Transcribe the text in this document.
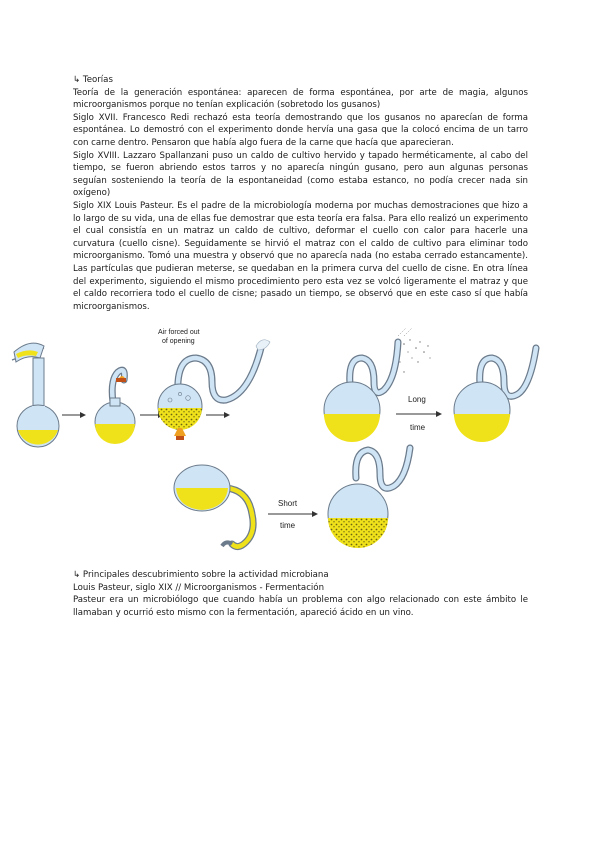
↳ Teorías

Teoría de la generación espontánea: aparecen de forma espontánea, por arte de magia, algunos microorganismos porque no tenían explicación (sobretodo los gusanos)

Siglo XVII. Francesco Redi rechazó esta teoría demostrando que los gusanos no aparecían de forma espontánea. Lo demostró con el experimento donde hervía una gasa que la colocó encima de un tarro con carne dentro. Pensaron que había algo fuera de la carne que hacía que aparecieran.

Siglo XVIII. Lazzaro Spallanzani puso un caldo de cultivo hervido y tapado herméticamente, al cabo del tiempo, se fueron abriendo estos tarros y no aparecía ningún gusano, pero aun algunas personas seguían sosteniendo la teoría de la espontaneidad (como estaba estanco, no podía crecer nada sin oxígeno)

Siglo XIX Louis Pasteur. Es el padre de la microbiología moderna por muchas demostraciones que hizo a lo largo de su vida, una de ellas fue demostrar que esta teoría era falsa. Para ello realizó un experimento el cual consistía en un matraz un caldo de cultivo, deformar el cuello con calor para hacerle una curvatura (cuello cisne). Seguidamente se hirvió el matraz con el caldo de cultivo para eliminar todo microorganismo. Tomó una muestra y observó que no aparecía nada (no estaba cerrado estancamente). Las partículas que pudieran meterse, se quedaban en la primera curva del cuello de cisne. En otra línea del experimento, siguiendo el mismo procedimiento pero esta vez se volcó ligeramente el matraz y que el caldo recorriera todo el cuello de cisne; pasado un tiempo, se observó que en este caso sí que había microorganismos.

Air forced out
of opening
Long
time
Short
time

↳ Principales descubrimiento sobre la actividad microbiana

Louis Pasteur, siglo XIX // Microorganismos - Fermentación

Pasteur era un microbiólogo que cuando había un problema con algo relacionado con este ámbito le llamaban y ocurrió esto mismo con la fermentación, apareció ácido en un vino.
